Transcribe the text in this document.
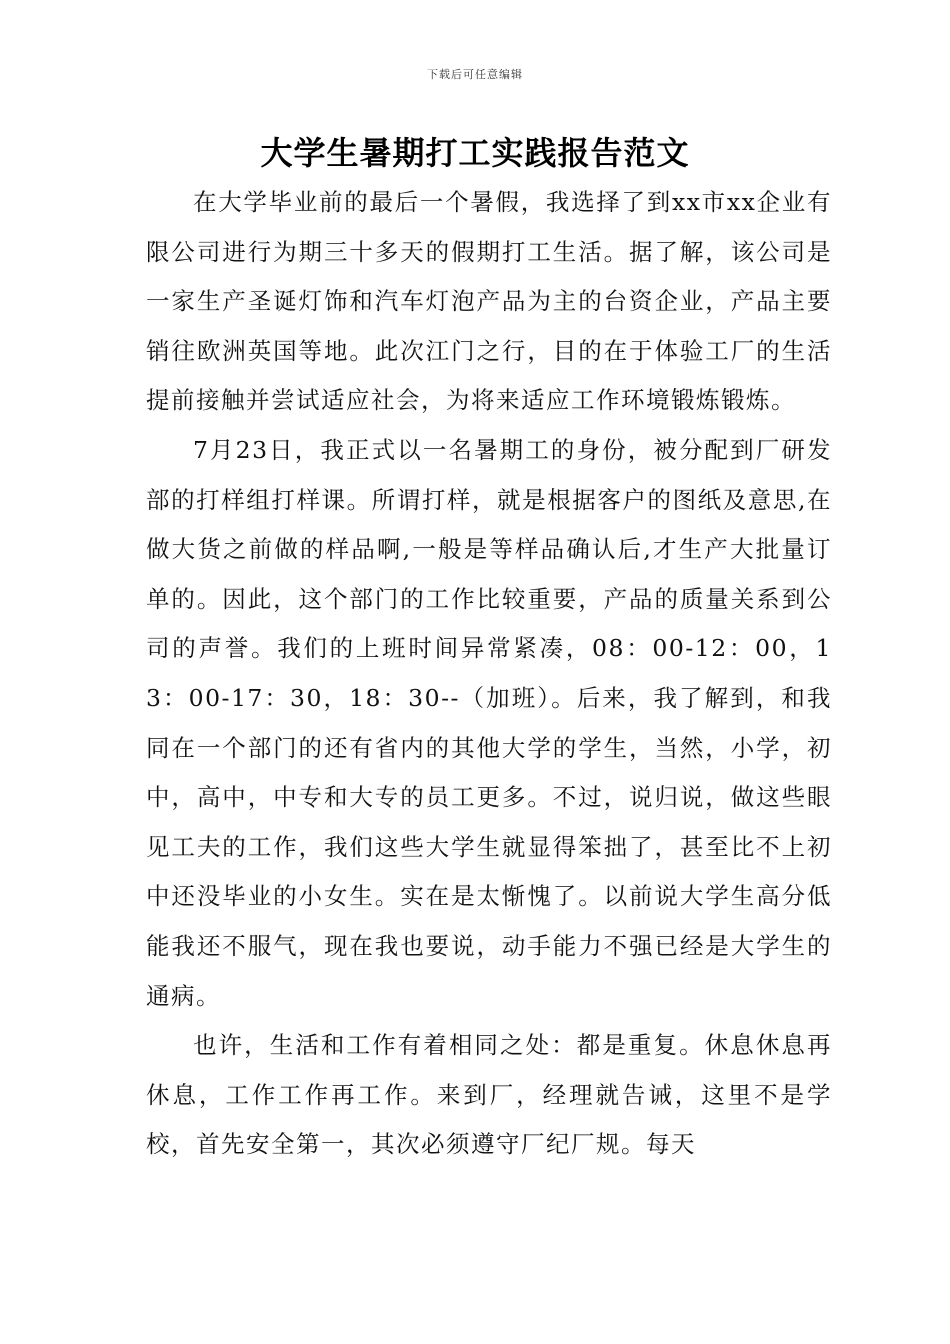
下载后可任意编辑
大学生暑期打工实践报告范文

在大学毕业前的最后一个暑假，我选择了到xx市xx企业有限公司进行为期三十多天的假期打工生活。据了解，该公司是一家生产圣诞灯饰和汽车灯泡产品为主的台资企业，产品主要销往欧洲英国等地。此次江门之行，目的在于体验工厂的生活提前接触并尝试适应社会，为将来适应工作环境锻炼锻炼。

7月23日，我正式以一名暑期工的身份，被分配到厂研发部的打样组打样课。所谓打样，就是根据客户的图纸及意思,在做大货之前做的样品啊,一般是等样品确认后,才生产大批量订单的。因此，这个部门的工作比较重要，产品的质量关系到公司的声誉。我们的上班时间异常紧凑，08：00-12：00，13：00-17：30，18：30--（加班）。后来，我了解到，和我同在一个部门的还有省内的其他大学的学生，当然，小学，初中，高中，中专和大专的员工更多。不过，说归说，做这些眼见工夫的工作，我们这些大学生就显得笨拙了，甚至比不上初中还没毕业的小女生。实在是太惭愧了。以前说大学生高分低能我还不服气，现在我也要说，动手能力不强已经是大学生的通病。

也许，生活和工作有着相同之处：都是重复。休息休息再休息，工作工作再工作。来到厂，经理就告诫，这里不是学校，首先安全第一，其次必须遵守厂纪厂规。每天
